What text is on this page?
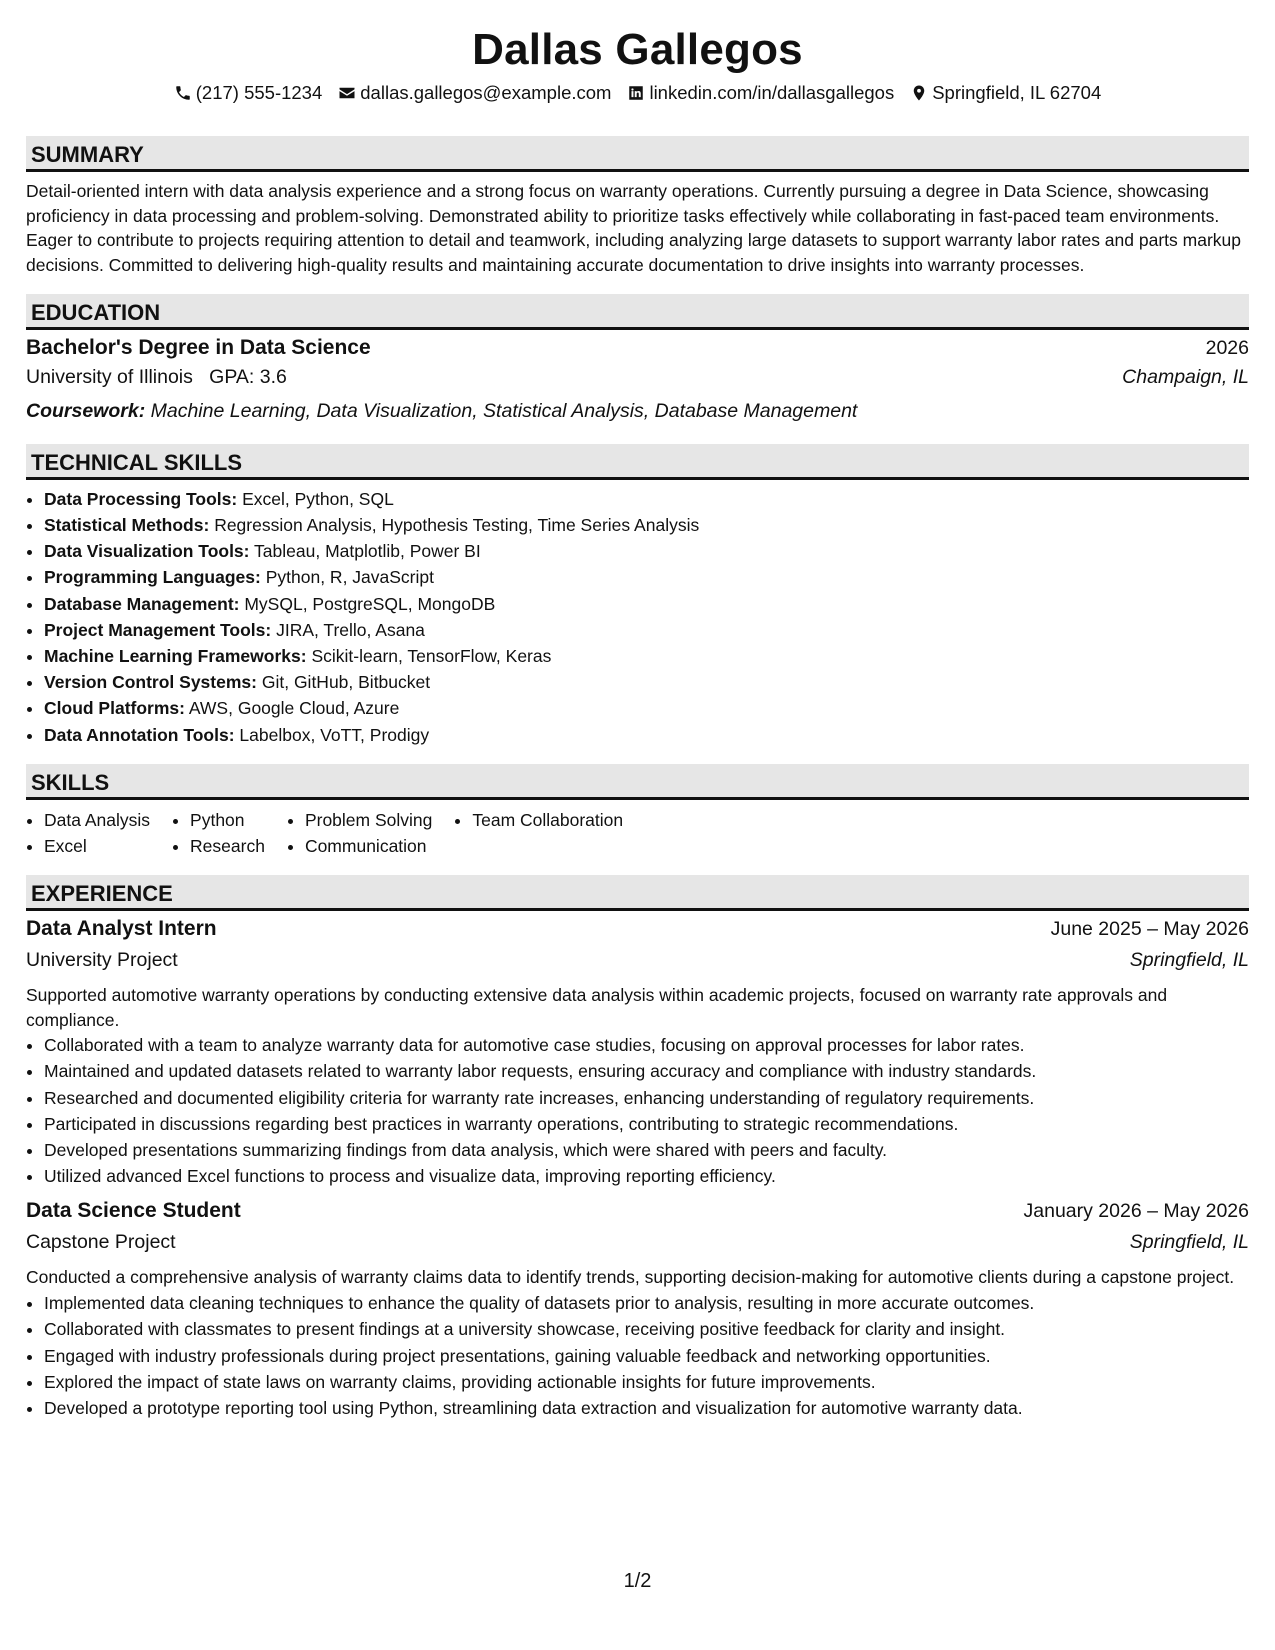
Dallas Gallegos
(217) 555-1234 dallas.gallegos@example.com linkedin.com/in/dallasgallegos Springfield, IL 62704
SUMMARY
Detail-oriented intern with data analysis experience and a strong focus on warranty operations. Currently pursuing a degree in Data Science, showcasing proficiency in data processing and problem-solving. Demonstrated ability to prioritize tasks effectively while collaborating in fast-paced team environments. Eager to contribute to projects requiring attention to detail and teamwork, including analyzing large datasets to support warranty labor rates and parts markup decisions. Committed to delivering high-quality results and maintaining accurate documentation to drive insights into warranty processes.
EDUCATION
Bachelor's Degree in Data Science	2026
University of Illinois GPA: 3.6	Champaign, IL
Coursework: Machine Learning, Data Visualization, Statistical Analysis, Database Management
TECHNICAL SKILLS
• Data Processing Tools: Excel, Python, SQL
• Statistical Methods: Regression Analysis, Hypothesis Testing, Time Series Analysis
• Data Visualization Tools: Tableau, Matplotlib, Power BI
• Programming Languages: Python, R, JavaScript
• Database Management: MySQL, PostgreSQL, MongoDB
• Project Management Tools: JIRA, Trello, Asana
• Machine Learning Frameworks: Scikit-learn, TensorFlow, Keras
• Version Control Systems: Git, GitHub, Bitbucket
• Cloud Platforms: AWS, Google Cloud, Azure
• Data Annotation Tools: Labelbox, VoTT, Prodigy
SKILLS
• Data Analysis
• Excel
• Python
• Research
• Problem Solving
• Communication
• Team Collaboration
EXPERIENCE
Data Analyst Intern	June 2025 – May 2026
University Project	Springfield, IL
Supported automotive warranty operations by conducting extensive data analysis within academic projects, focused on warranty rate approvals and compliance.
• Collaborated with a team to analyze warranty data for automotive case studies, focusing on approval processes for labor rates.
• Maintained and updated datasets related to warranty labor requests, ensuring accuracy and compliance with industry standards.
• Researched and documented eligibility criteria for warranty rate increases, enhancing understanding of regulatory requirements.
• Participated in discussions regarding best practices in warranty operations, contributing to strategic recommendations.
• Developed presentations summarizing findings from data analysis, which were shared with peers and faculty.
• Utilized advanced Excel functions to process and visualize data, improving reporting efficiency.
Data Science Student	January 2026 – May 2026
Capstone Project	Springfield, IL
Conducted a comprehensive analysis of warranty claims data to identify trends, supporting decision-making for automotive clients during a capstone project.
• Implemented data cleaning techniques to enhance the quality of datasets prior to analysis, resulting in more accurate outcomes.
• Collaborated with classmates to present findings at a university showcase, receiving positive feedback for clarity and insight.
• Engaged with industry professionals during project presentations, gaining valuable feedback and networking opportunities.
• Explored the impact of state laws on warranty claims, providing actionable insights for future improvements.
• Developed a prototype reporting tool using Python, streamlining data extraction and visualization for automotive warranty data.
1/2
